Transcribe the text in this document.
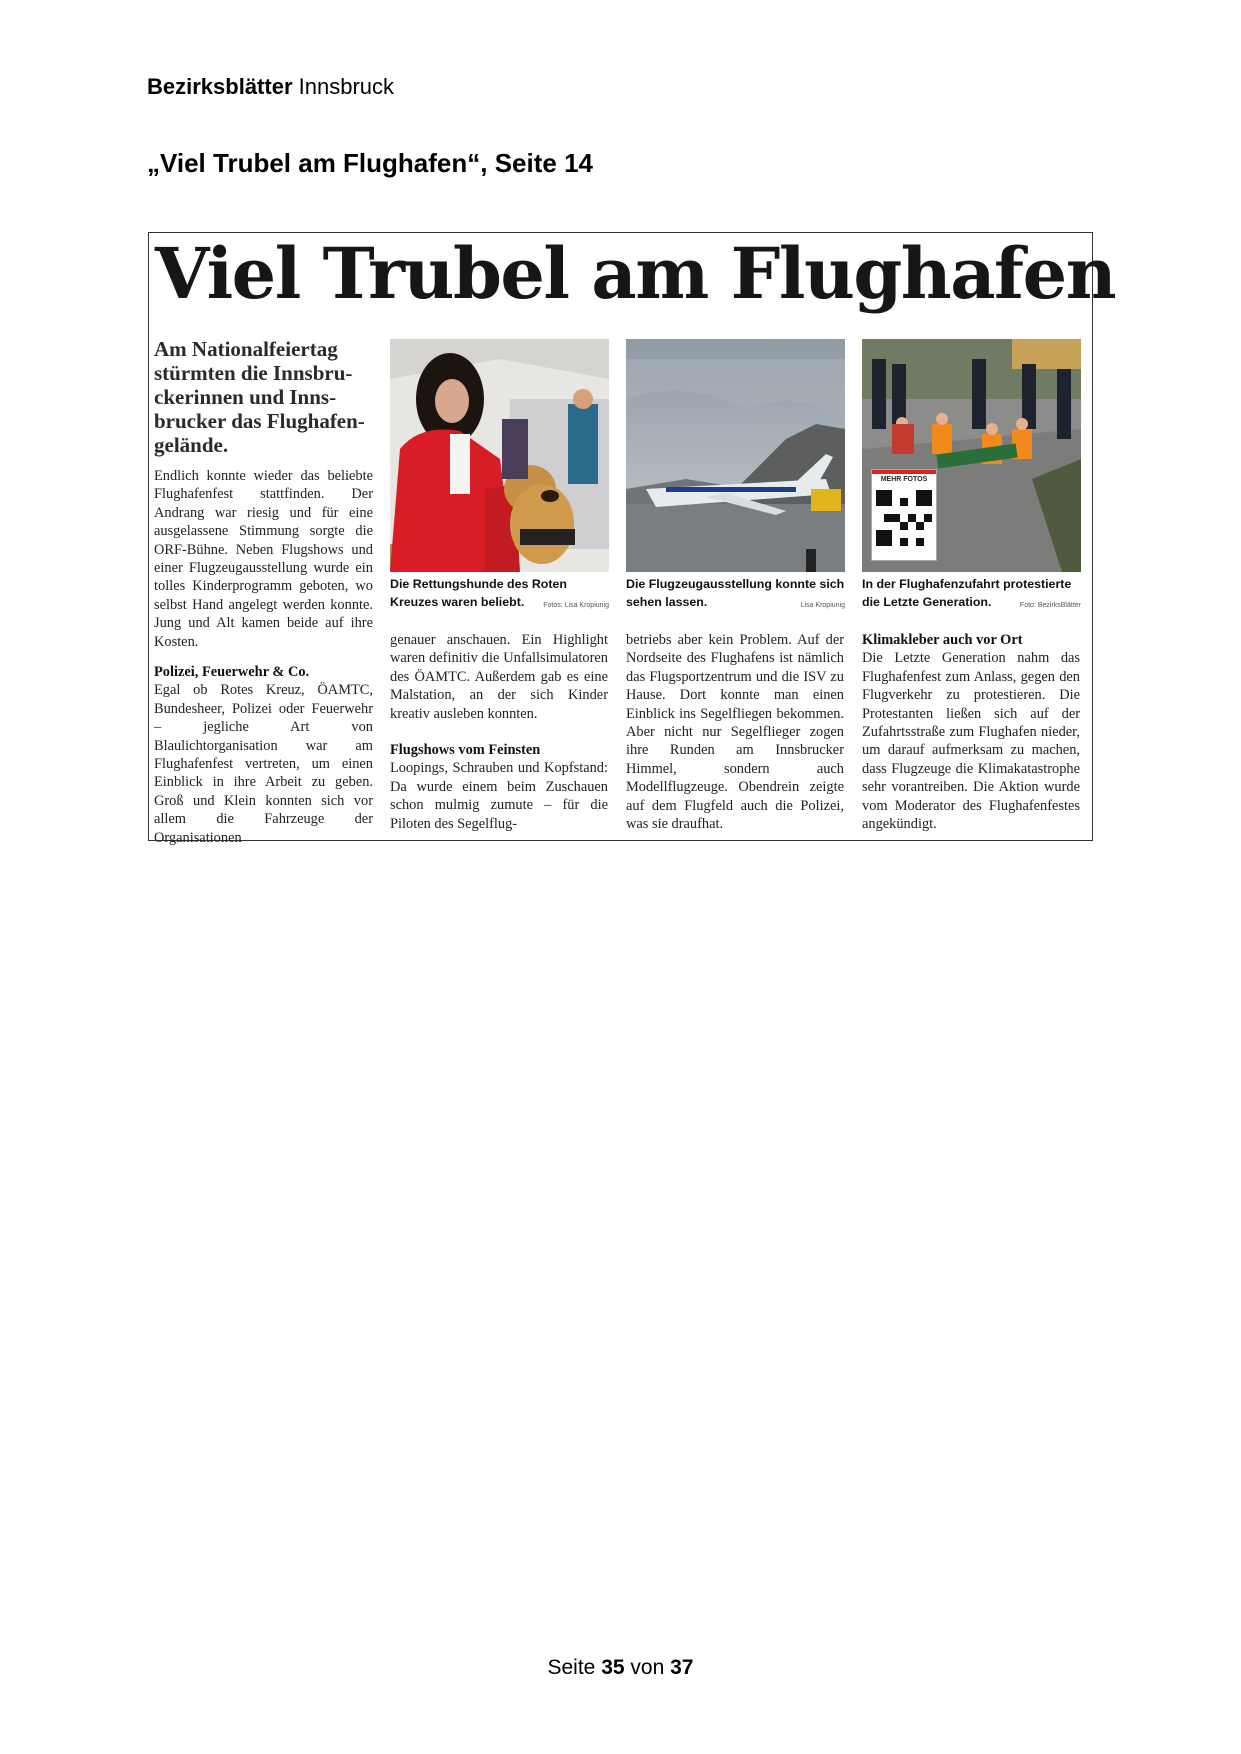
Bezirksblätter Innsbruck
„Viel Trubel am Flughafen“, Seite 14
Viel Trubel am Flughafen

Am Nationalfeiertag stürmten die Innsbru-ckerinnen und Inns-brucker das Flughafen-gelände.

Endlich konnte wieder das beliebte Flughafenfest stattfinden. Der Andrang war riesig und für eine ausgelassene Stimmung sorgte die ORF-Bühne. Neben Flugshows und einer Flugzeugausstellung wurde ein tolles Kinderprogramm geboten, wo selbst Hand angelegt werden konnte. Jung und Alt kamen beide auf ihre Kosten.

Polizei, Feuerwehr & Co.

Egal ob Rotes Kreuz, ÖAMTC, Bundesheer, Polizei oder Feuerwehr – jegliche Art von Blaulichtorganisation war am Flughafenfest vertreten, um einen Einblick in ihre Arbeit zu geben. Groß und Klein konnten sich vor allem die Fahrzeuge der Organisationen

Die Rettungshunde des Roten Kreuzes waren beliebt.	Fotos: Lisa Kropiunig
Die Flugzeugausstellung konnte sich sehen lassen.	Lisa Kropiunig
MEHR FOTOS
In der Flughafenzufahrt protestierte die Letzte Generation.	Foto: BezirksBlätter

genauer anschauen. Ein Highlight waren definitiv die Unfallsimulatoren des ÖAMTC. Außerdem gab es eine Malstation, an der sich Kinder kreativ ausleben konnten.

Flugshows vom Feinsten

Loopings, Schrauben und Kopfstand: Da wurde einem beim Zuschauen schon mulmig zumute – für die Piloten des Segelflug-

betriebs aber kein Problem. Auf der Nordseite des Flughafens ist nämlich das Flugsportzentrum und die ISV zu Hause. Dort konnte man einen Einblick ins Segelfliegen bekommen. Aber nicht nur Segelflieger zogen ihre Runden am Innsbrucker Himmel, sondern auch Modellflugzeuge. Obendrein zeigte auf dem Flugfeld auch die Polizei, was sie draufhat.

Klimakleber auch vor Ort

Die Letzte Generation nahm das Flughafenfest zum Anlass, gegen den Flugverkehr zu protestieren. Die Protestanten ließen sich auf der Zufahrtsstraße zum Flughafen nieder, um darauf aufmerksam zu machen, dass Flugzeuge die Klimakatastrophe sehr vorantreiben. Die Aktion wurde vom Moderator des Flughafenfestes angekündigt.

Seite 35 von 37
